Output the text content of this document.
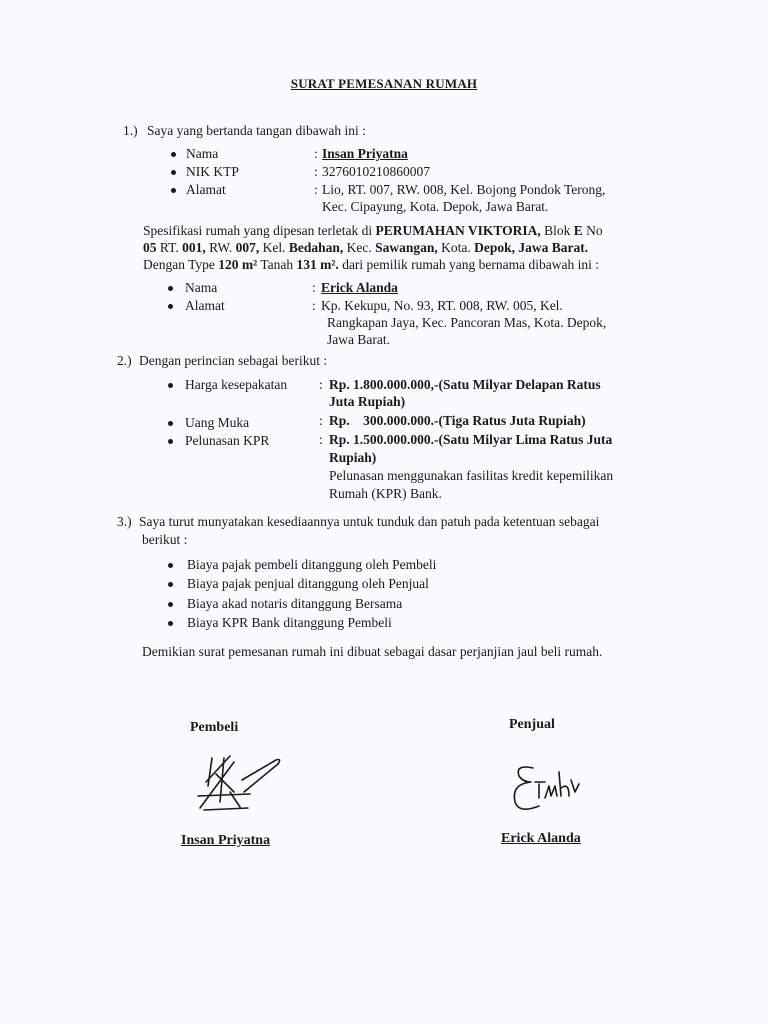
SURAT PEMESANAN RUMAH
1.) Saya yang bertanda tangan dibawah ini :
Nama	: Insan Priyatna
NIK KTP	: 3276010210860007
Alamat	: Lio, RT. 007, RW. 008, Kel. Bojong Pondok Terong,
Kec. Cipayung, Kota. Depok, Jawa Barat.
Spesifikasi rumah yang dipesan terletak di PERUMAHAN VIKTORIA, Blok E No
05 RT. 001, RW. 007, Kel. Bedahan, Kec. Sawangan, Kota. Depok, Jawa Barat.
Dengan Type 120 m² Tanah 131 m². dari pemilik rumah yang bernama dibawah ini :
Nama	: Erick Alanda
Alamat	: Kp. Kekupu, No. 93, RT. 008, RW. 005, Kel.
Rangkapan Jaya, Kec. Pancoran Mas, Kota. Depok,
Jawa Barat.
2.) Dengan perincian sebagai berikut :
Harga kesepakatan : Rp. 1.800.000.000,-(Satu Milyar Delapan Ratus
Juta Rupiah)
Uang Muka	: Rp.    300.000.000.-(Tiga Ratus Juta Rupiah)
Pelunasan KPR	: Rp. 1.500.000.000.-(Satu Milyar Lima Ratus Juta
Rupiah)
Pelunasan menggunakan fasilitas kredit kepemilikan
Rumah (KPR) Bank.
3.) Saya turut munyatakan kesediaannya untuk tunduk dan patuh pada ketentuan sebagai
berikut :
Biaya pajak pembeli ditanggung oleh Pembeli
Biaya pajak penjual ditanggung oleh Penjual
Biaya akad notaris ditanggung Bersama
Biaya KPR Bank ditanggung Pembeli
Demikian surat pemesanan rumah ini dibuat sebagai dasar perjanjian jaul beli rumah.
Pembeli	Penjual
Insan Priyatna	Erick Alanda
